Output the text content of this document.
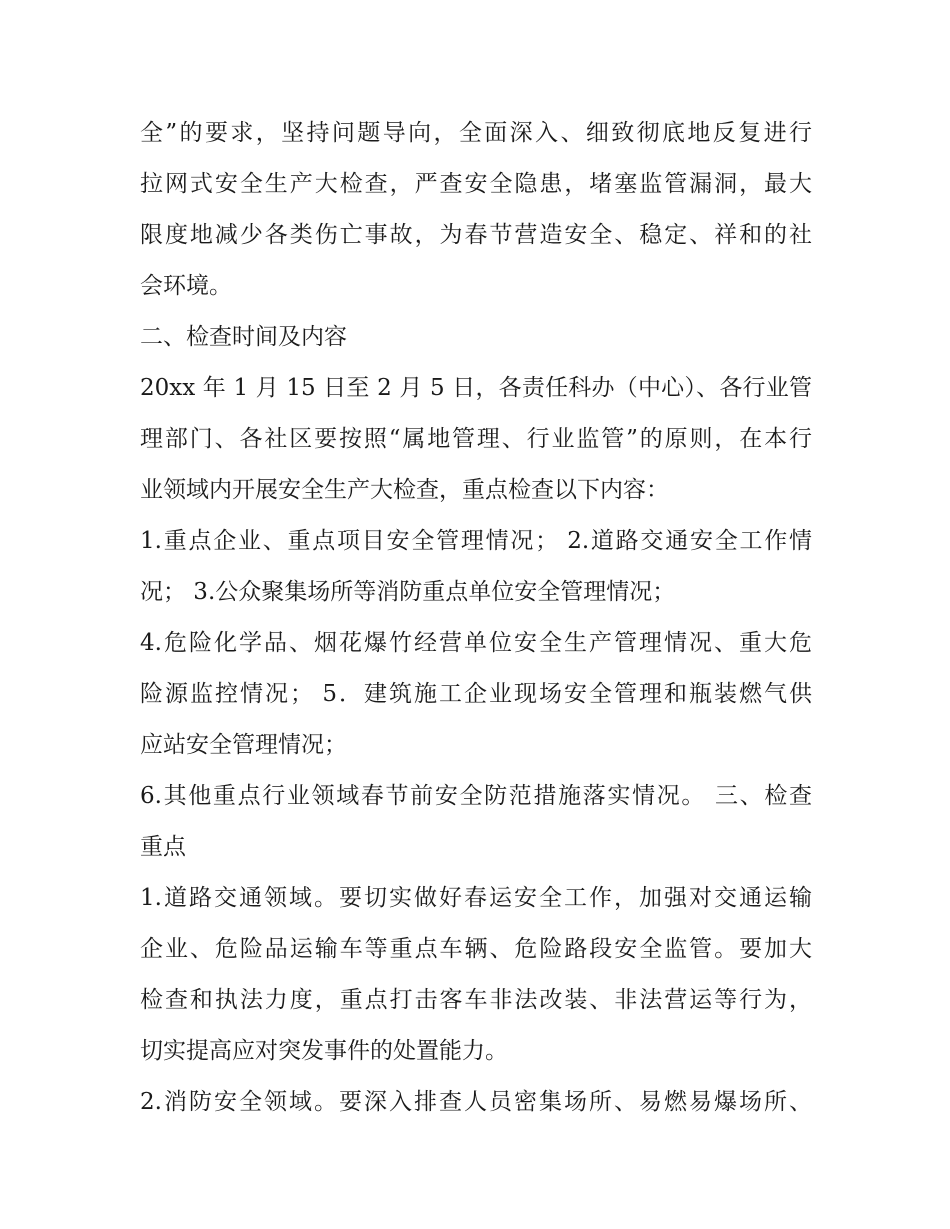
全”的要求，坚持问题导向，全面深入、细致彻底地反复进行
拉网式安全生产大检查，严查安全隐患，堵塞监管漏洞，最大
限度地减少各类伤亡事故，为春节营造安全、稳定、祥和的社
会环境。
二、检查时间及内容
20xx 年 1 月 15 日至 2 月 5 日，各责任科办（中心）、各行业管
理部门、各社区要按照“属地管理、行业监管”的原则，在本行
业领域内开展安全生产大检查，重点检查以下内容：
1.重点企业、重点项目安全管理情况； 2.道路交通安全工作情
况； 3.公众聚集场所等消防重点单位安全管理情况；
4.危险化学品、烟花爆竹经营单位安全生产管理情况、重大危
险源监控情况； 5．建筑施工企业现场安全管理和瓶装燃气供
应站安全管理情况；
6.其他重点行业领域春节前安全防范措施落实情况。 三、检查
重点
1.道路交通领域。要切实做好春运安全工作，加强对交通运输
企业、危险品运输车等重点车辆、危险路段安全监管。要加大
检查和执法力度，重点打击客车非法改装、非法营运等行为，
切实提高应对突发事件的处置能力。
2.消防安全领域。要深入排查人员密集场所、易燃易爆场所、
